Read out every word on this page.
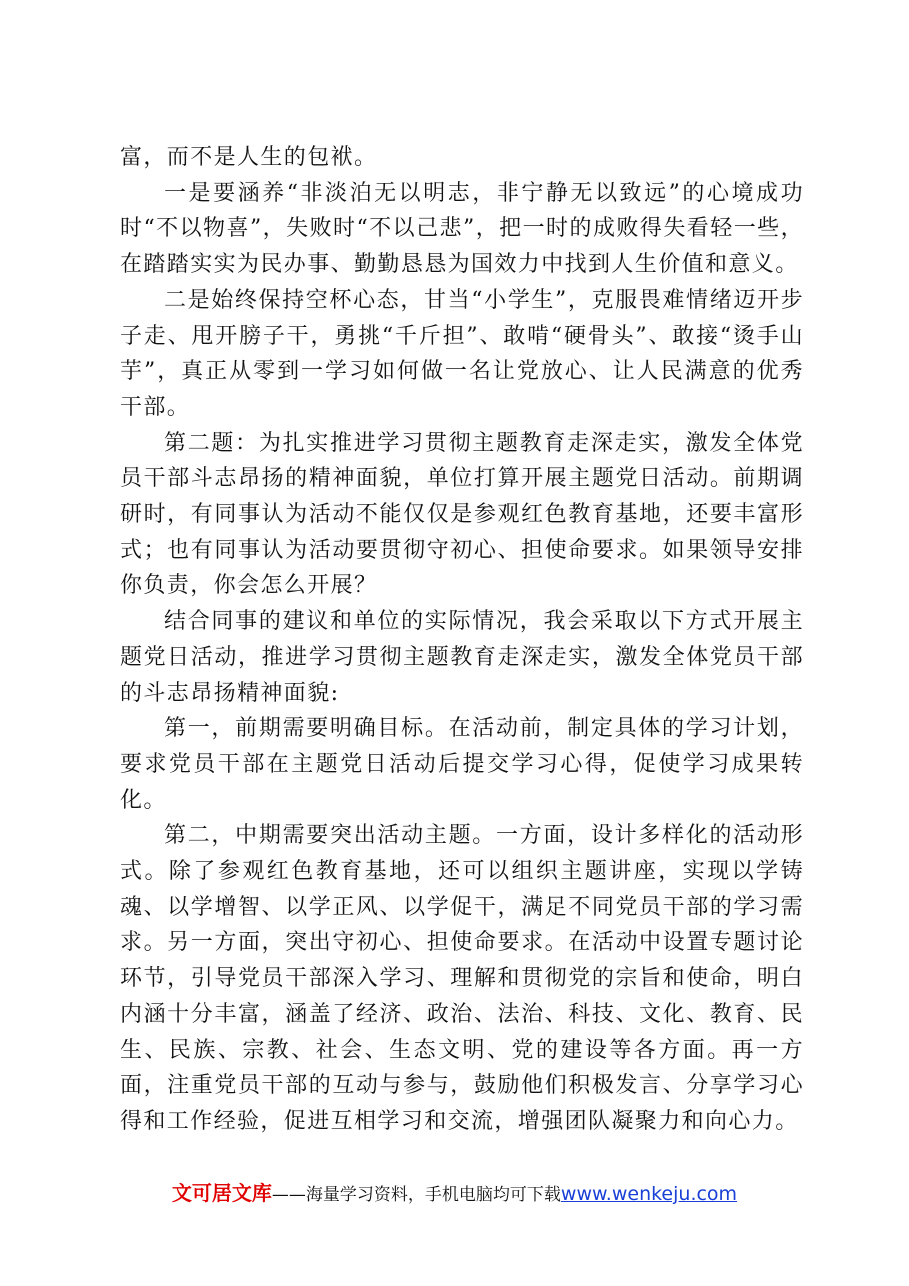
富，而不是人生的包袱。

一是要涵养“非淡泊无以明志，非宁静无以致远”的心境成功时“不以物喜”，失败时“不以己悲”，把一时的成败得失看轻一些，在踏踏实实为民办事、勤勤恳恳为国效力中找到人生价值和意义。

二是始终保持空杯心态，甘当“小学生”，克服畏难情绪迈开步子走、甩开膀子干，勇挑“千斤担”、敢啃“硬骨头”、敢接“烫手山芋”，真正从零到一学习如何做一名让党放心、让人民满意的优秀干部。

第二题：为扎实推进学习贯彻主题教育走深走实，激发全体党员干部斗志昂扬的精神面貌，单位打算开展主题党日活动。前期调研时，有同事认为活动不能仅仅是参观红色教育基地，还要丰富形式；也有同事认为活动要贯彻守初心、担使命要求。如果领导安排你负责，你会怎么开展？

结合同事的建议和单位的实际情况，我会采取以下方式开展主题党日活动，推进学习贯彻主题教育走深走实，激发全体党员干部的斗志昂扬精神面貌:

第一，前期需要明确目标。在活动前，制定具体的学习计划，要求党员干部在主题党日活动后提交学习心得，促使学习成果转化。

第二，中期需要突出活动主题。一方面，设计多样化的活动形式。除了参观红色教育基地，还可以组织主题讲座，实现以学铸魂、以学增智、以学正风、以学促干，满足不同党员干部的学习需求。另一方面，突出守初心、担使命要求。在活动中设置专题讨论环节，引导党员干部深入学习、理解和贯彻党的宗旨和使命，明白内涵十分丰富，涵盖了经济、政治、法治、科技、文化、教育、民生、民族、宗教、社会、生态文明、党的建设等各方面。再一方面，注重党员干部的互动与参与，鼓励他们积极发言、分享学习心得和工作经验，促进互相学习和交流，增强团队凝聚力和向心力。

文可居文库——海量学习资料，手机电脑均可下载www.wenkeju.com
